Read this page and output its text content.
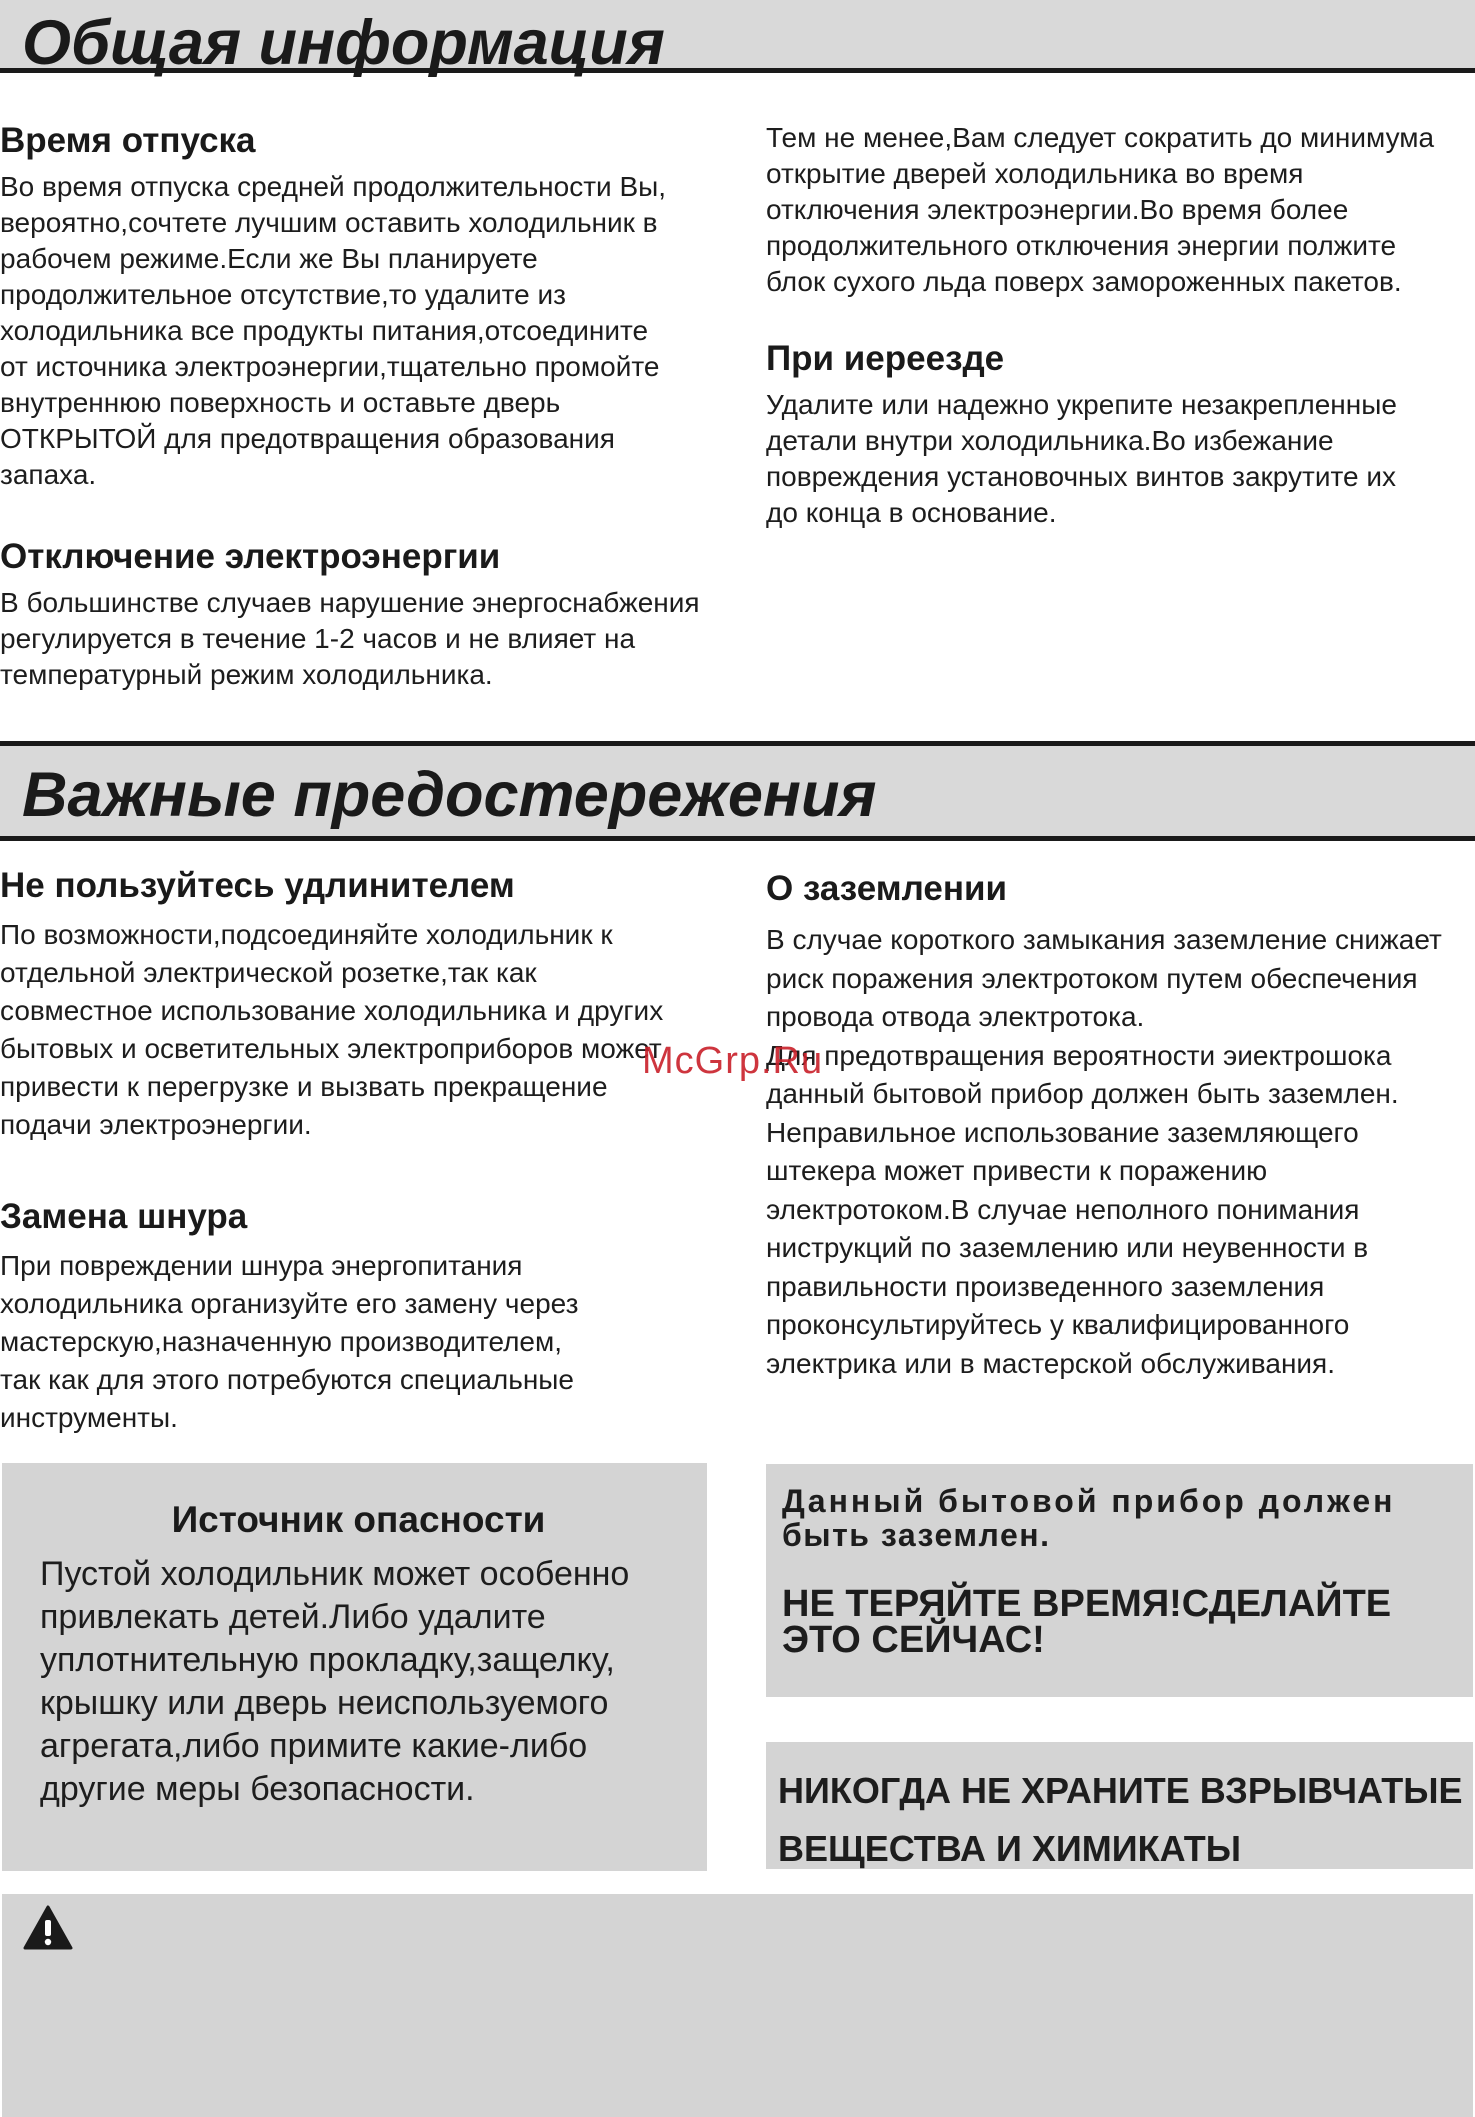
Общая информация
Время отпуска

Во время отпуска средней продолжительности Вы,
вероятно,сочтете лучшим оставить холодильник в
рабочем режиме.Если же Вы планируете
продолжительное отсутствие,то удалите из
холодильника все продукты питания,отсоедините
от источника электроэнергии,тщательно промойте
внутреннюю поверхность и оставьте дверь
ОТКРЫТОЙ для предотвращения образования
запаха.

Отключение электроэнергии

В большинстве случаев нарушение энергоснабжения
регулируется в течение 1-2 часов и не влияет на
температурный режим холодильника.

Тем не менее,Вам следует сократить до минимума
открытие дверей холодильника во время
отключения электроэнергии.Во время более
продолжительного отключения энергии полжите
блок сухого льда поверх замороженных пакетов.

При иереезде

Удалите или надежно укрепите незакрепленные
детали внутри холодильника.Во избежание
повреждения установочных винтов закрутите их
до конца в основание.

Важные предостережения
Не пользуйтесь удлинителем

По возможности,подсоединяйте холодильник к
отдельной электрической розетке,так как
совместное использование холодильника и других
бытовых и осветительных электроприборов может
привести к перегрузке и вызвать прекращение
подачи электроэнергии.

Замена шнура

При повреждении шнура энергопитания
холодильника организуйте его замену через
мастерскую,назначенную производителем,
так как для этого потребуются специальные
инструменты.

О заземлении

В случае короткого замыкания заземление снижает
риск поражения электротоком путем обеспечения
провода отвода электротока.
Для предотвращения вероятности эиектрошока
данный бытовой прибор должен быть заземлен.
Неправильное использование заземляющего
штекера может привести к поражению
электротоком.В случае неполного понимания
ниструкций по заземлению или неувенности в
правильности произведенного заземления
проконсультируйтесь у квалифицированного
электрика или в мастерской обслуживания.

McGrp.Ru

Источник опасности

Пустой холодильник может особенно
привлекать детей.Либо удалите
уплотнительную прокладку,защелку,
крышку или дверь неиспользуемого
агрегата,либо примите какие-либо
другие меры безопасности.

Данный бытовой прибор должен

быть заземлен.

НЕ ТЕРЯЙТЕ ВРЕМЯ!СДЕЛАЙТЕ

ЭТО СЕЙЧАС!

НИКОГДА НЕ ХРАНИТЕ ВЗРЫВЧАТЫЕ

ВЕЩЕСТВА И ХИМИКАТЫ
